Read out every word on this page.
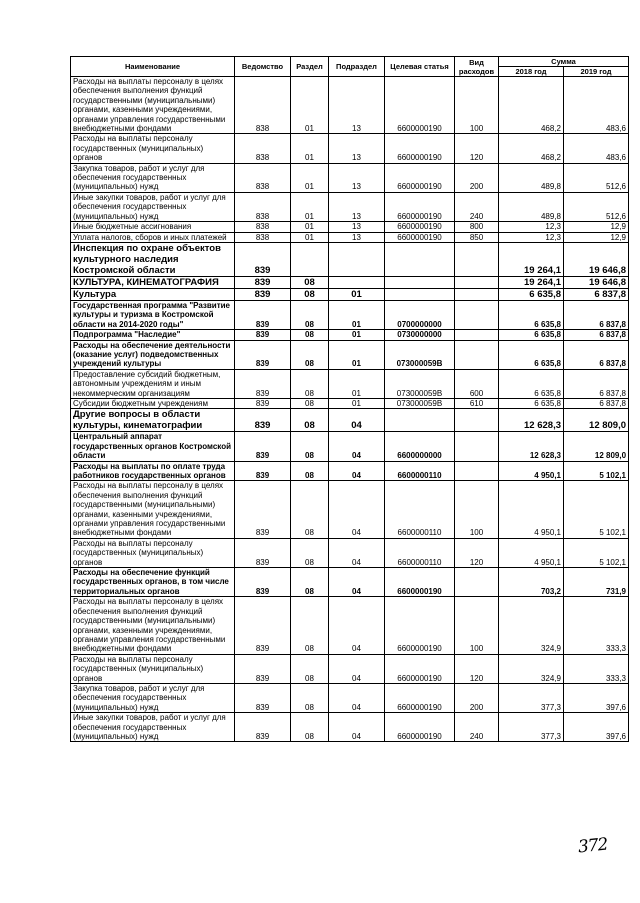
Наименование	Ведомство	Раздел	Подраздел	Целевая статья	Вид расходов	Сумма	
						2018 год	2019 год
Расходы на выплаты персоналу в целях обеспечения выполнения функций государственными (муниципальными) органами, казенными учреждениями, органами управления государственными внебюджетными фондами	838	01	13	6600000190	100	468,2	483,6
Расходы на выплаты персоналу государственных (муниципальных) органов	838	01	13	6600000190	120	468,2	483,6
Закупка товаров, работ и услуг для обеспечения государственных (муниципальных) нужд	838	01	13	6600000190	200	489,8	512,6
Иные закупки товаров, работ и услуг для обеспечения государственных (муниципальных) нужд	838	01	13	6600000190	240	489,8	512,6
Иные бюджетные ассигнования	838	01	13	6600000190	800	12,3	12,9
Уплата налогов, сборов и иных платежей	838	01	13	6600000190	850	12,3	12,9
Инспекция по охране объектов культурного наследия Костромской области	839					19 264,1	19 646,8
КУЛЬТУРА, КИНЕМАТОГРАФИЯ	839	08				19 264,1	19 646,8
Культура	839	08	01			6 635,8	6 837,8
Государственная программа "Развитие культуры и туризма в Костромской области на 2014-2020 годы"	839	08	01	0700000000		6 635,8	6 837,8
Подпрограмма "Наследие"	839	08	01	0730000000		6 635,8	6 837,8
Расходы на обеспечение деятельности (оказание услуг) подведомственных учреждений культуры	839	08	01	073000059В		6 635,8	6 837,8
Предоставление субсидий бюджетным, автономным учреждениям и иным некоммерческим организациям	839	08	01	073000059В	600	6 635,8	6 837,8
Субсидии бюджетным учреждениям	839	08	01	073000059В	610	6 635,8	6 837,8
Другие вопросы в области культуры, кинематографии	839	08	04			12 628,3	12 809,0
Центральный аппарат государственных органов Костромской области	839	08	04	6600000000		12 628,3	12 809,0
Расходы на выплаты по оплате труда работников государственных органов	839	08	04	6600000110		4 950,1	5 102,1
Расходы на выплаты персоналу в целях обеспечения выполнения функций государственными (муниципальными) органами, казенными учреждениями, органами управления государственными внебюджетными фондами	839	08	04	6600000110	100	4 950,1	5 102,1
Расходы на выплаты персоналу государственных (муниципальных) органов	839	08	04	6600000110	120	4 950,1	5 102,1
Расходы на обеспечение функций государственных органов, в том числе территориальных органов	839	08	04	6600000190		703,2	731,9
Расходы на выплаты персоналу в целях обеспечения выполнения функций государственными (муниципальными) органами, казенными учреждениями, органами управления государственными внебюджетными фондами	839	08	04	6600000190	100	324,9	333,3
Расходы на выплаты персоналу государственных (муниципальных) органов	839	08	04	6600000190	120	324,9	333,3
Закупка товаров, работ и услуг для обеспечения государственных (муниципальных) нужд	839	08	04	6600000190	200	377,3	397,6
Иные закупки товаров, работ и услуг для обеспечения государственных (муниципальных) нужд	839	08	04	6600000190	240	377,3	397,6
372
